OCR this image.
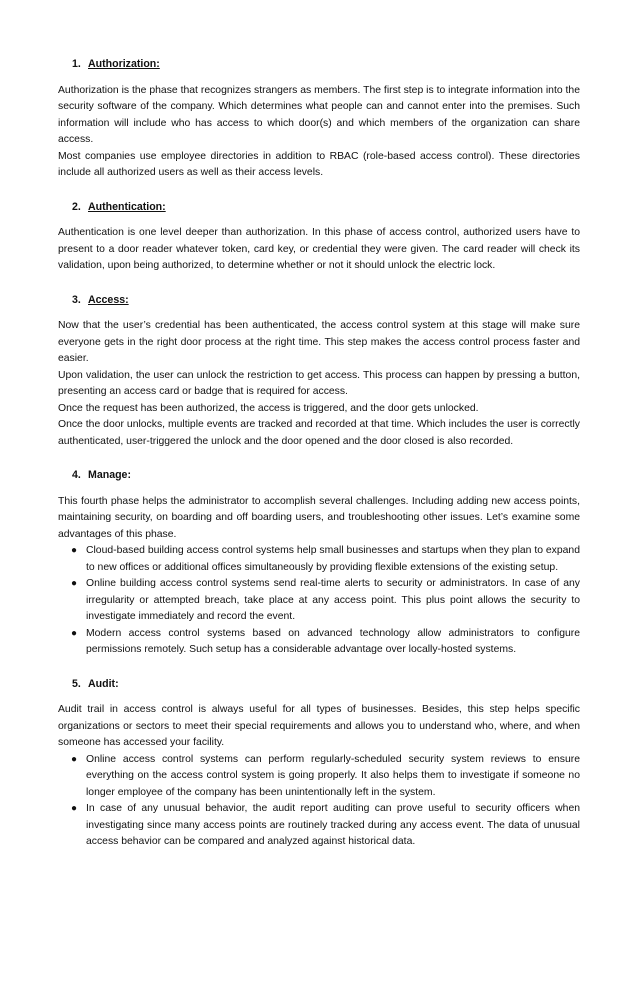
1. Authorization:

Authorization is the phase that recognizes strangers as members. The first step is to integrate information into the security software of the company. Which determines what people can and cannot enter into the premises. Such information will include who has access to which door(s) and which members of the organization can share access.

Most companies use employee directories in addition to RBAC (role-based access control). These directories include all authorized users as well as their access levels.

2. Authentication:

Authentication is one level deeper than authorization. In this phase of access control, authorized users have to present to a door reader whatever token, card key, or credential they were given. The card reader will check its validation, upon being authorized, to determine whether or not it should unlock the electric lock.

3. Access:

Now that the user’s credential has been authenticated, the access control system at this stage will make sure everyone gets in the right door process at the right time. This step makes the access control process faster and easier.

Upon validation, the user can unlock the restriction to get access. This process can happen by pressing a button, presenting an access card or badge that is required for access.

Once the request has been authorized, the access is triggered, and the door gets unlocked.

Once the door unlocks, multiple events are tracked and recorded at that time. Which includes the user is correctly authenticated, user-triggered the unlock and the door opened and the door closed is also recorded.

4. Manage:

This fourth phase helps the administrator to accomplish several challenges. Including adding new access points, maintaining security, on boarding and off boarding users, and troubleshooting other issues. Let’s examine some advantages of this phase.

● Cloud-based building access control systems help small businesses and startups when they plan to expand to new offices or additional offices simultaneously by providing flexible extensions of the existing setup.
● Online building access control systems send real-time alerts to security or administrators. In case of any irregularity or attempted breach, take place at any access point. This plus point allows the security to investigate immediately and record the event.
● Modern access control systems based on advanced technology allow administrators to configure permissions remotely. Such setup has a considerable advantage over locally-hosted systems.
5. Audit:

Audit trail in access control is always useful for all types of businesses. Besides, this step helps specific organizations or sectors to meet their special requirements and allows you to understand who, where, and when someone has accessed your facility.

● Online access control systems can perform regularly-scheduled security system reviews to ensure everything on the access control system is going properly. It also helps them to investigate if someone no longer employee of the company has been unintentionally left in the system.
● In case of any unusual behavior, the audit report auditing can prove useful to security officers when investigating since many access points are routinely tracked during any access event. The data of unusual access behavior can be compared and analyzed against historical data.
